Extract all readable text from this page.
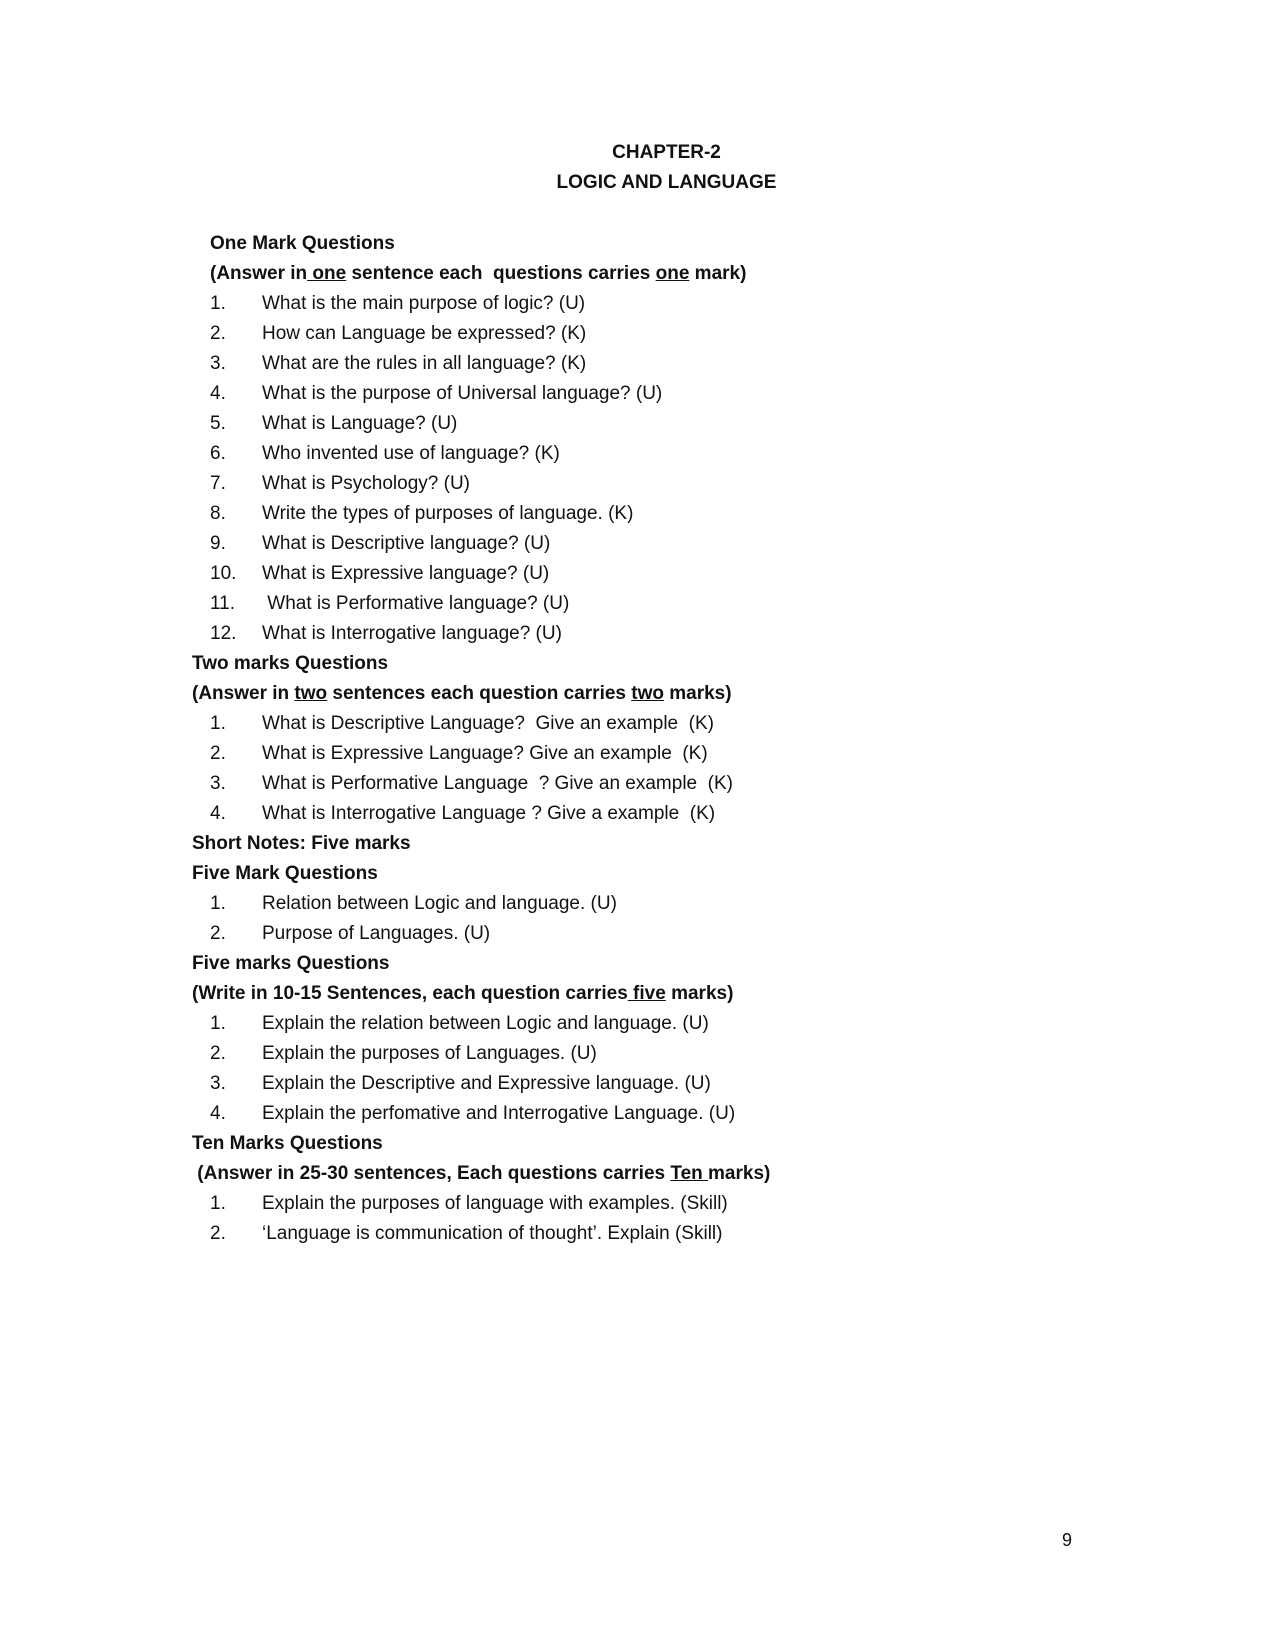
CHAPTER-2
LOGIC AND LANGUAGE
One Mark Questions
(Answer in one sentence each  questions carries one mark)
1.	What is the main purpose of logic? (U)
2.	How can Language be expressed? (K)
3.	What are the rules in all language? (K)
4.	What is the purpose of Universal language? (U)
5.	What is Language? (U)
6.	Who invented use of language? (K)
7.	What is Psychology? (U)
8.	Write the types of purposes of language. (K)
9.	What is Descriptive language? (U)
10.	What is Expressive language? (U)
11.	What is Performative language? (U)
12.	What is Interrogative language? (U)
Two marks Questions
(Answer in two sentences each question carries two marks)
1.	What is Descriptive Language?  Give an example  (K)
2.	What is Expressive Language? Give an example  (K)
3.	What is Performative Language  ? Give an example  (K)
4.	What is Interrogative Language ? Give a example  (K)
Short Notes: Five marks
Five Mark Questions
1.	Relation between Logic and language. (U)
2.	Purpose of Languages. (U)
Five marks Questions
(Write in 10-15 Sentences, each question carries five marks)
1.	Explain the relation between Logic and language. (U)
2.	Explain the purposes of Languages. (U)
3.	Explain the Descriptive and Expressive language. (U)
4.	Explain the perfomative and Interrogative Language. (U)
Ten Marks Questions
(Answer in 25-30 sentences, Each questions carries Ten marks)
1.	Explain the purposes of language with examples. (Skill)
2.	‘Language is communication of thought’. Explain (Skill)
9
